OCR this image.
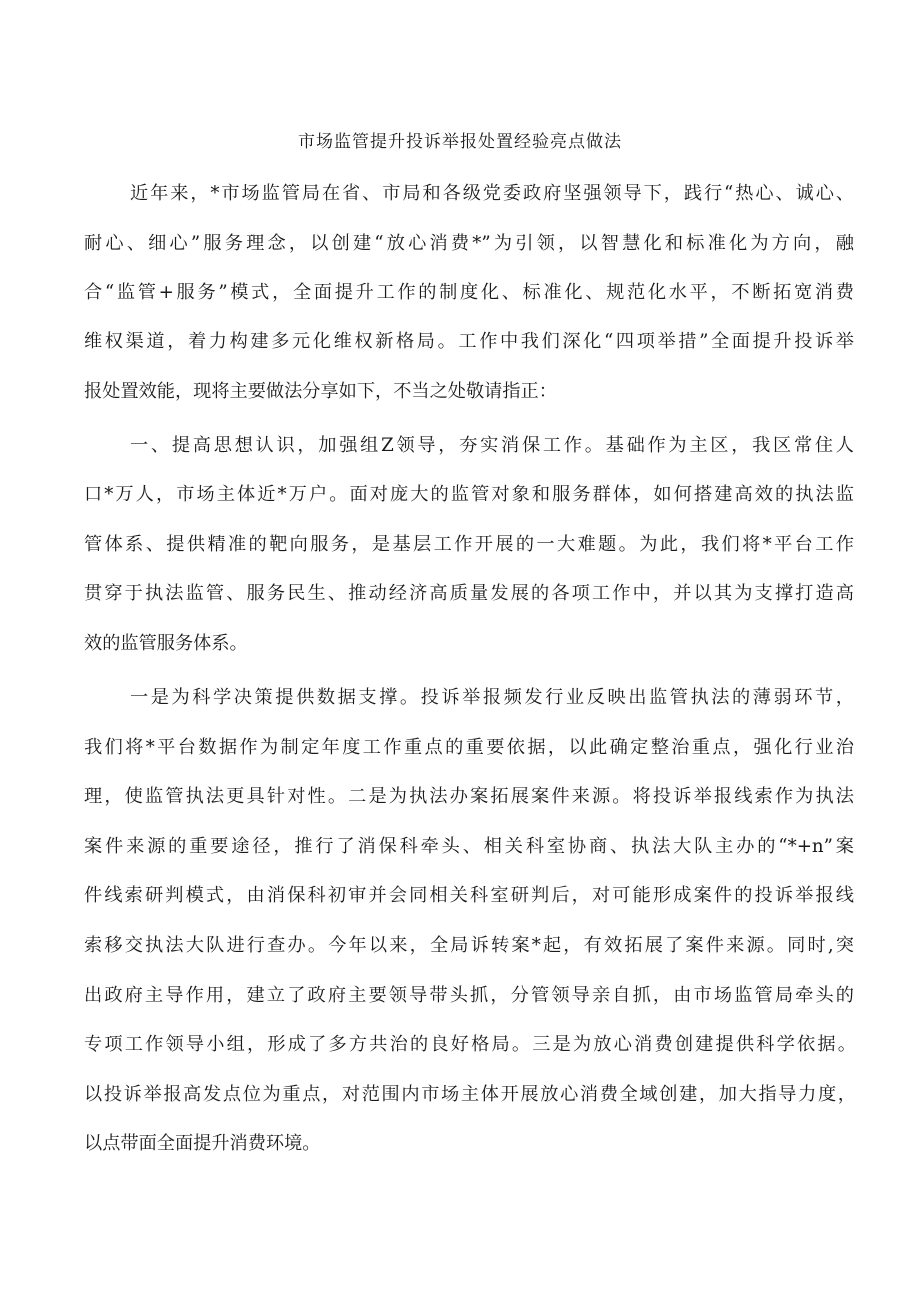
市场监管提升投诉举报处置经验亮点做法
近年来，*市场监管局在省、市局和各级党委政府坚强领导下，践行“热心、诚心、
耐心、细心”服务理念，以创建“放心消费*”为引领，以智慧化和标准化为方向，融
合“监管+服务”模式，全面提升工作的制度化、标准化、规范化水平，不断拓宽消费
维权渠道，着力构建多元化维权新格局。工作中我们深化“四项举措”全面提升投诉举
报处置效能，现将主要做法分享如下，不当之处敬请指正：
一、提高思想认识，加强组Z领导，夯实消保工作。基础作为主区，我区常住人
口*万人，市场主体近*万户。面对庞大的监管对象和服务群体，如何搭建高效的执法监
管体系、提供精准的靶向服务，是基层工作开展的一大难题。为此，我们将*平台工作
贯穿于执法监管、服务民生、推动经济高质量发展的各项工作中，并以其为支撑打造高
效的监管服务体系。
一是为科学决策提供数据支撑。投诉举报频发行业反映出监管执法的薄弱环节，
我们将*平台数据作为制定年度工作重点的重要依据，以此确定整治重点，强化行业治
理，使监管执法更具针对性。二是为执法办案拓展案件来源。将投诉举报线索作为执法
案件来源的重要途径，推行了消保科牵头、相关科室协商、执法大队主办的“*+n”案
件线索研判模式，由消保科初审并会同相关科室研判后，对可能形成案件的投诉举报线
索移交执法大队进行查办。今年以来，全局诉转案*起，有效拓展了案件来源。同时,突
出政府主导作用，建立了政府主要领导带头抓，分管领导亲自抓，由市场监管局牵头的
专项工作领导小组，形成了多方共治的良好格局。三是为放心消费创建提供科学依据。
以投诉举报高发点位为重点，对范围内市场主体开展放心消费全域创建，加大指导力度，
以点带面全面提升消费环境。
